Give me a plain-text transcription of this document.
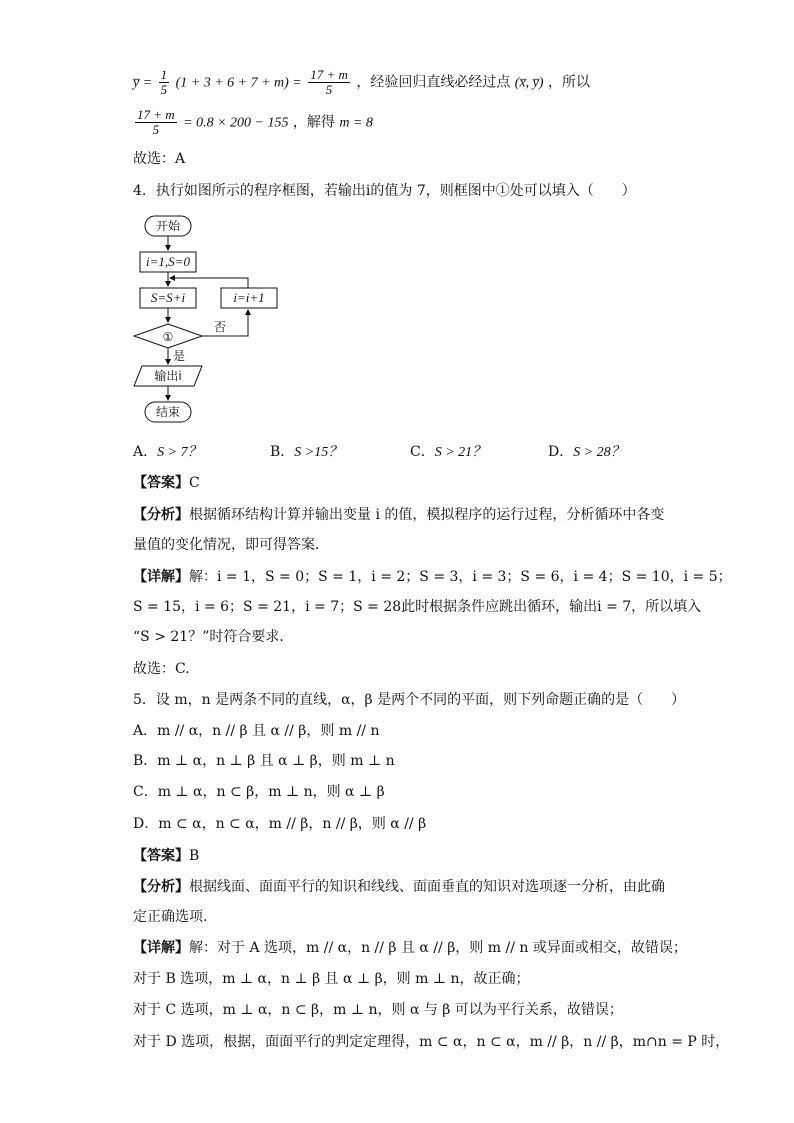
y̅ = $\frac{1}{5} (1 + 3 + 6 + 7 + m) = \frac{17 + m}{5}$ ，经验回归直线必经过点 (x̅, y̅) ，所以
$\frac{17 + m}{5} = 0.8 \times 200 - 155$ ，解得 m = 8
故选：A
4．执行如图所示的程序框图，若输出i的值为 7，则框图中①处可以填入（　　）
开始
i=1,S=0
S=S+i	i=i+1
①
否
是
输出i
结束
A．S > 7？	B．S >15？	C．S > 21？	D．S > 28？
【答案】C
【分析】根据循环结构计算并输出变量 i 的值，模拟程序的运行过程，分析循环中各变
量值的变化情况，即可得答案．
【详解】解：i = 1，S = 0；S = 1，i = 2；S = 3，i = 3；S = 6，i = 4；S = 10，i = 5；
S = 15，i = 6；S = 21，i = 7；S = 28此时根据条件应跳出循环，输出i = 7，所以填入
“S > 21？”时符合要求．
故选：C.
5．设 m，n 是两条不同的直线，α，β 是两个不同的平面，则下列命题正确的是（　　）
A．m // α，n // β 且 α // β，则 m // n
B．m ⊥ α，n ⊥ β 且 α ⊥ β，则 m ⊥ n
C．m ⊥ α，n ⊂ β，m ⊥ n，则 α ⊥ β
D．m ⊂ α，n ⊂ α，m // β，n // β，则 α // β
【答案】B
【分析】根据线面、面面平行的知识和线线、面面垂直的知识对选项逐一分析，由此确
定正确选项.
【详解】解：对于 A 选项，m // α，n // β 且 α // β，则 m // n 或异面或相交，故错误；
对于 B 选项，m ⊥ α，n ⊥ β 且 α ⊥ β，则 m ⊥ n，故正确；
对于 C 选项，m ⊥ α，n ⊂ β，m ⊥ n，则 α 与 β 可以为平行关系，故错误；
对于 D 选项，根据，面面平行的判定定理得，m ⊂ α，n ⊂ α，m // β，n // β，m∩n = P 时，
